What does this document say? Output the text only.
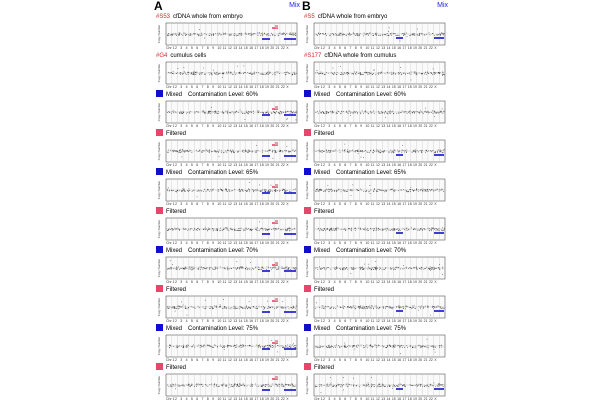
A	Mix
#S53 cfDNA whole from embryo
Copy Number
Chr 12 3 4 5 6 7 8 9 1011 1213141516171819202122X
#G4 cumulus cells
Copy Number
Chr 12 3 4 5 6 7 8 9 1011 1213141516171819202122X
Mixed Contamination Level: 60%
Copy Number
Chr 12 3 4 5 6 7 8 9 1011 1213141516171819202122X
Filtered
Copy Number
Chr 12 3 4 5 6 7 8 9 1011 1213141516171819202122X
Mixed Contamination Level: 65%
Copy Number
Chr 12 3 4 5 6 7 8 9 1011 1213141516171819202122X
Filtered
Copy Number
Chr 12 3 4 5 6 7 8 9 1011 1213141516171819202122X
Mixed Contamination Level: 70%
Copy Number
Chr 12 3 4 5 6 7 8 9 1011 1213141516171819202122X
Filtered
Copy Number
Chr 12 3 4 5 6 7 8 9 1011 1213141516171819202122X
Mixed Contamination Level: 75%
Copy Number
Chr 12 3 4 5 6 7 8 9 1011 1213141516171819202122X
Filtered
Copy Number
Chr 12 3 4 5 6 7 8 9 1011 1213141516171819202122X
B	Mix
#S5 cfDNA whole from embryo
Copy Number
Chr 12 3 4 5 6 7 8 9 1011 1213141516171819202122X
#S177 cfDNA whole from cumulus
Copy Number
Chr 12 3 4 5 6 7 8 9 1011 1213141516171819202122X
Mixed Contamination Level: 60%
Copy Number
Chr 12 3 4 5 6 7 8 9 1011 1213141516171819202122X
Filtered
Copy Number
Chr 12 3 4 5 6 7 8 9 1011 1213141516171819202122X
Mixed Contamination Level: 65%
Copy Number
Chr 12 3 4 5 6 7 8 9 1011 1213141516171819202122X
Filtered
Copy Number
Chr 12 3 4 5 6 7 8 9 1011 1213141516171819202122X
Mixed Contamination Level: 70%
Copy Number
Chr 12 3 4 5 6 7 8 9 1011 1213141516171819202122X
Filtered
Copy Number
Chr 12 3 4 5 6 7 8 9 1011 1213141516171819202122X
Mixed Contamination Level: 75%
Copy Number
Chr 12 3 4 5 6 7 8 9 1011 1213141516171819202122X
Filtered
Copy Number
Chr 12 3 4 5 6 7 8 9 1011 1213141516171819202122X
